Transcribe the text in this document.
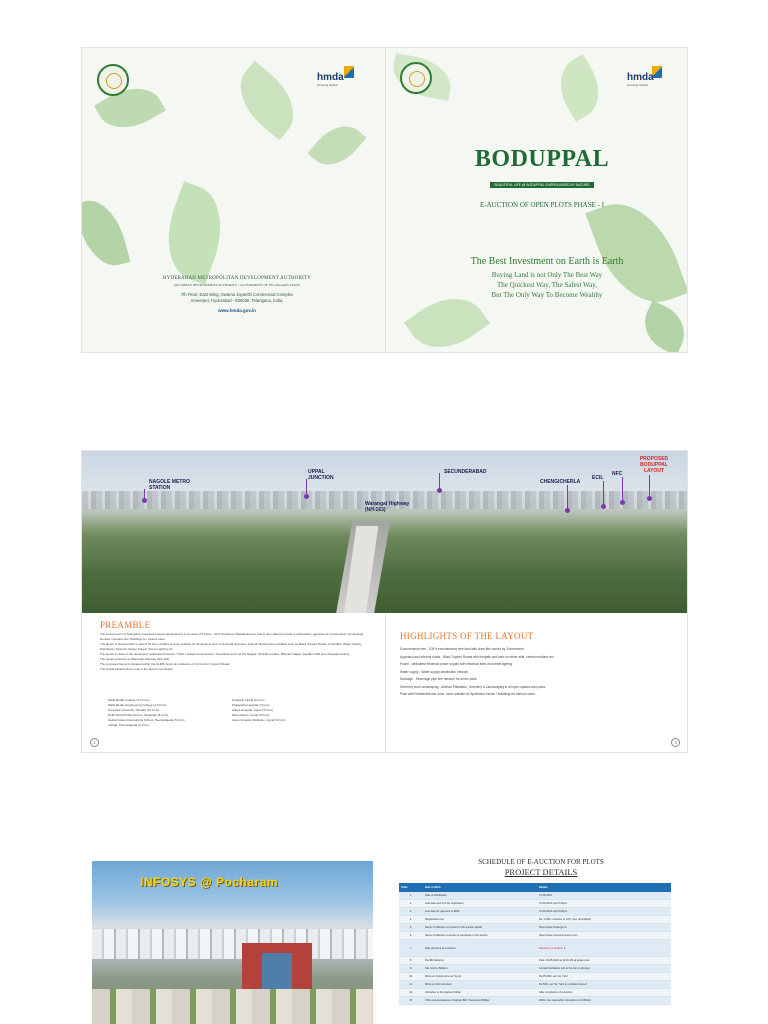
hmda
Growing Global
HYDERABAD METROPOLITAN DEVELOPMENT AUTHORITY
(AN URBAN DEVELOPMENT AUTHORITY - GOVERNMENT OF TELANGANA STATE)
7th Floor, East Wing, Swarna Jayanthi Commercial Complex
Ameerpet, Hyderabad - 500038. Telangana, India.
www.hmda.gov.in
hmda
Growing Global
BODUPPAL
BEAUTIFUL LIFE @ BODUPPAL SURROUNDED BY NATURE
E-AUCTION OF OPEN PLOTS PHASE - I
The Best Investment on Earth is Earth
Buying Land is not Only The Best Way
The Quickest Way, The Safest Way,
But The Only Way To Become Wealthy
NAGOLE METRO STATION
UPPAL JUNCTION
Warangal Highway (NH-163)
SECUNDERABAD
CHENGICHERLA
ECIL
NFC
PROPOSED BODUPPAL LAYOUT
PREAMBLE
The Government of Telangana proposed a layout development in an area of 9 Acres - 34.6 Guntas for Residential use and is now offered for sale to individuals / agencies for construction of Individual Houses / Apartments / Buildings for various uses.
The layout is planned with a total of 52 Nos of different sizes suitable for all sections and commercial purposes, with all infrastructure facilities such as Black Topped Roads, Footpaths, Water Supply Distribution Network, Power Supply, Street Lighting etc.
The layout is close to the developed residential Colonies / Villas / Gated Communities / Townships such as the Nagole, Srinidhi enclave, Bhavani Nagar, Gayathri Hills and Vinayaka Colony.
The layout connects to Warangal Highway (NH-163).
The proposed layout is situated within the GHMC limits at a distance of 3 kms from Uppal X Road.
The Social Infrastructure near to the layout is as below:
Malla Reddy College (4.0 Kms)
Malla Reddy Engineering College (2.0 Kms)
Osmania University, Tarnaka (10 Kms)
Delhi World Public School, Narapally (8 Kms)
Global Indian International School, Peerzadiguda (5 Kms)
Indraja, Peerzadiguda (2 Kms)
Nanjaval, Uppal (3 Kms)
Prajapatha Hospital (3 Kms)
Aditya Hospital, Uppal (3 Kms)
Metro Depot, Uppal (3 Kms)
Asian Cineplex Multiplex, Uppal (3 Kms)
HIGHLIGHTS OF THE LAYOUT
Encumbrance free - 100% encumbrance free land with clear title owned by Government
Approach and internal roads - Black Topped Roads with footpath and kerb on either side, central medians etc.
Power - dedicated electrical power supply with electrical lines and street lighting
Water supply - Water supply distribution network
Drainage - Sewerage pipe line network for all the plots
Greenery and Landscaping - Avenue Plantation, Greenery & Landscaping in all open spaces and parks
Plots with Residential use zone, more suitable for Apartment blocks / Buildings for various users
2	3
INFOSYS @ Pocharam
SCHEDULE OF E-AUCTION FOR PLOTS
PROJECT DETAILS
Sl.No	Item of Work	Details
1.	Date of Notification	27.08.2022
2.	Last date and time for registration	07.09.2022 upto 5.00pm
3.	Last date for payment of EMD	07.09.2022 upto 5.00pm
4.	Registration Fee	Rs. 1,180/- inclusive of GST (non refundable)
5.	Name of Website to contact for the auction details	https://www.hmda.gov.in
6.	Name of Website to access & participate in the auction	https://www.mstcecommerce.com
7.	Date and time of e-Auction	Session-1 & Session-II
8.	Pre-Bid Meeting	Date: 29.08.2022 at 11:00 AM at project site
9.	Site visit by Bidders	Contact facilitation cell at the site on all days
10.	Minimum Upset price per Sq.yd	Rs.35,000/- per Sq. Yard
11.	Minimum bid increment	Rs.500/- per Sq. Yard or multiples thereof
12.	Intimation to the Highest bidder	After completion of e-Auction
13.	Offer and acceptance of Highest Bid / Successful Bidder	Within one week after intimation to H1 Bidder
